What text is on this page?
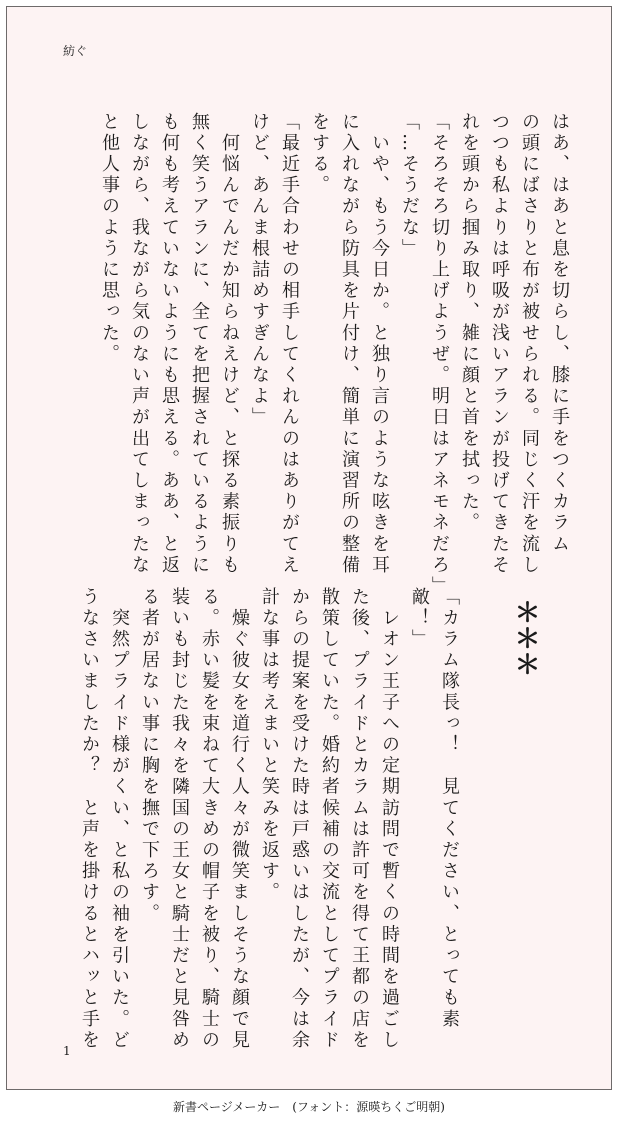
紡ぐ
はあ、はあと息を切らし、膝に手をつくカラム
の頭にばさりと布が被せられる。同じく汗を流し
つつも私よりは呼吸が浅いアランが投げてきたそ
れを頭から掴み取り、雑に顔と首を拭った。
「そろそろ切り上げようぜ。明日はアネモネだろ」
「…そうだな」
　いや、もう今日か。と独り言のような呟きを耳
に入れながら防具を片付け、簡単に演習所の整備
をする。
「最近手合わせの相手してくれんのはありがてえ
けど、あんま根詰めすぎんなよ」
　何悩んでんだか知らねえけど、と探る素振りも
無く笑うアランに、全てを把握されているように
も何も考えていないようにも思える。ああ、と返
しながら、我ながら気のない声が出てしまったな
と他人事のように思った。
＊＊＊
「カラム隊長っ！　見てください、とっても素
敵！」
　レオン王子への定期訪問で暫くの時間を過ごし
た後、プライドとカラムは許可を得て王都の店を
散策していた。婚約者候補の交流としてプライド
からの提案を受けた時は戸惑いはしたが、今は余
計な事は考えまいと笑みを返す。
　燥ぐ彼女を道行く人々が微笑ましそうな顔で見
る。赤い髪を束ねて大きめの帽子を被り、騎士の
装いも封じた我々を隣国の王女と騎士だと見咎め
る者が居ない事に胸を撫で下ろす。
　突然プライド様がくい、と私の袖を引いた。ど
うなさいましたか？　と声を掛けるとハッと手を
1
新書ページメーカー　(フォント：源暎ちくご明朝)
